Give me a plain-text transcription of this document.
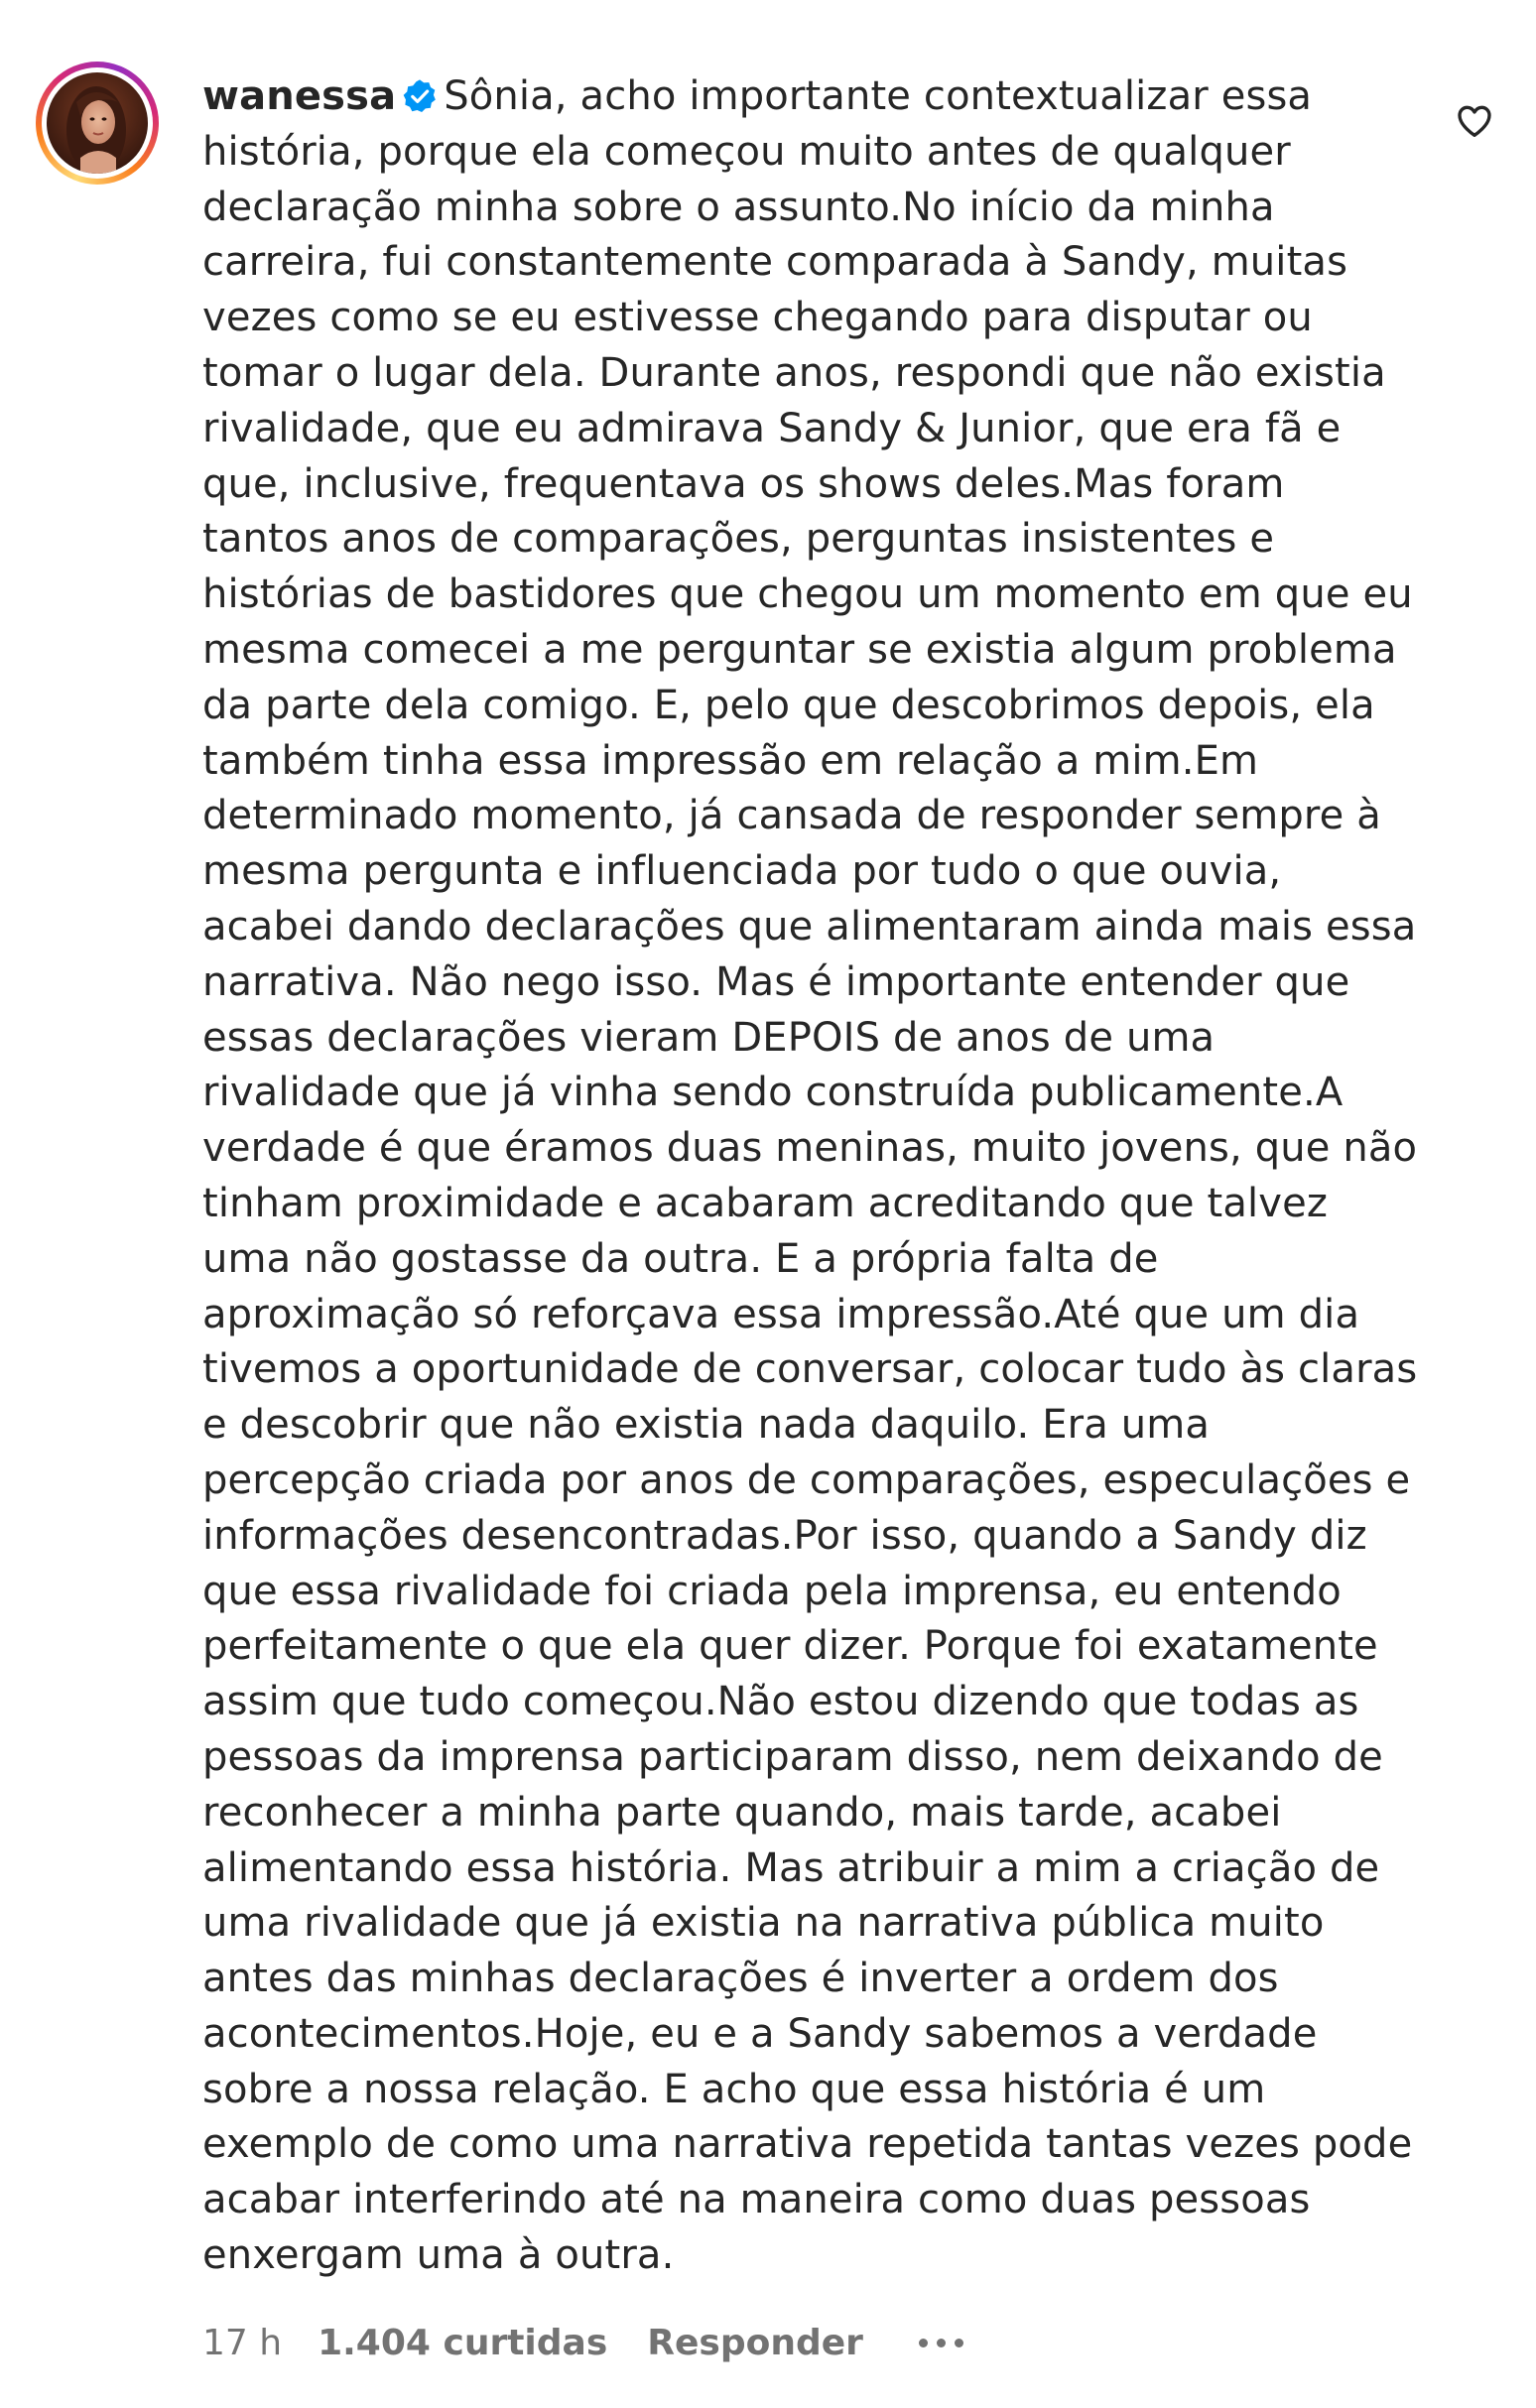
wanessa Sônia, acho importante contextualizar essa história, porque ela começou muito antes de qualquer declaração minha sobre o assunto.No início da minha carreira, fui constantemente comparada à Sandy, muitas vezes como se eu estivesse chegando para disputar ou tomar o lugar dela. Durante anos, respondi que não existia rivalidade, que eu admirava Sandy & Junior, que era fã e que, inclusive, frequentava os shows deles.Mas foram tantos anos de comparações, perguntas insistentes e histórias de bastidores que chegou um momento em que eu mesma comecei a me perguntar se existia algum problema da parte dela comigo. E, pelo que descobrimos depois, ela também tinha essa impressão em relação a mim.Em determinado momento, já cansada de responder sempre à mesma pergunta e influenciada por tudo o que ouvia, acabei dando declarações que alimentaram ainda mais essa narrativa. Não nego isso. Mas é importante entender que essas declarações vieram DEPOIS de anos de uma rivalidade que já vinha sendo construída publicamente.A verdade é que éramos duas meninas, muito jovens, que não tinham proximidade e acabaram acreditando que talvez uma não gostasse da outra. E a própria falta de aproximação só reforçava essa impressão.Até que um dia tivemos a oportunidade de conversar, colocar tudo às claras e descobrir que não existia nada daquilo. Era uma percepção criada por anos de comparações, especulações e informações desencontradas.Por isso, quando a Sandy diz que essa rivalidade foi criada pela imprensa, eu entendo perfeitamente o que ela quer dizer. Porque foi exatamente assim que tudo começou.Não estou dizendo que todas as pessoas da imprensa participaram disso, nem deixando de reconhecer a minha parte quando, mais tarde, acabei alimentando essa história. Mas atribuir a mim a criação de uma rivalidade que já existia na narrativa pública muito antes das minhas declarações é inverter a ordem dos acontecimentos.Hoje, eu e a Sandy sabemos a verdade sobre a nossa relação. E acho que essa história é um exemplo de como uma narrativa repetida tantas vezes pode acabar interferindo até na maneira como duas pessoas enxergam uma à outra.
17 h 1.404 curtidas Responder
